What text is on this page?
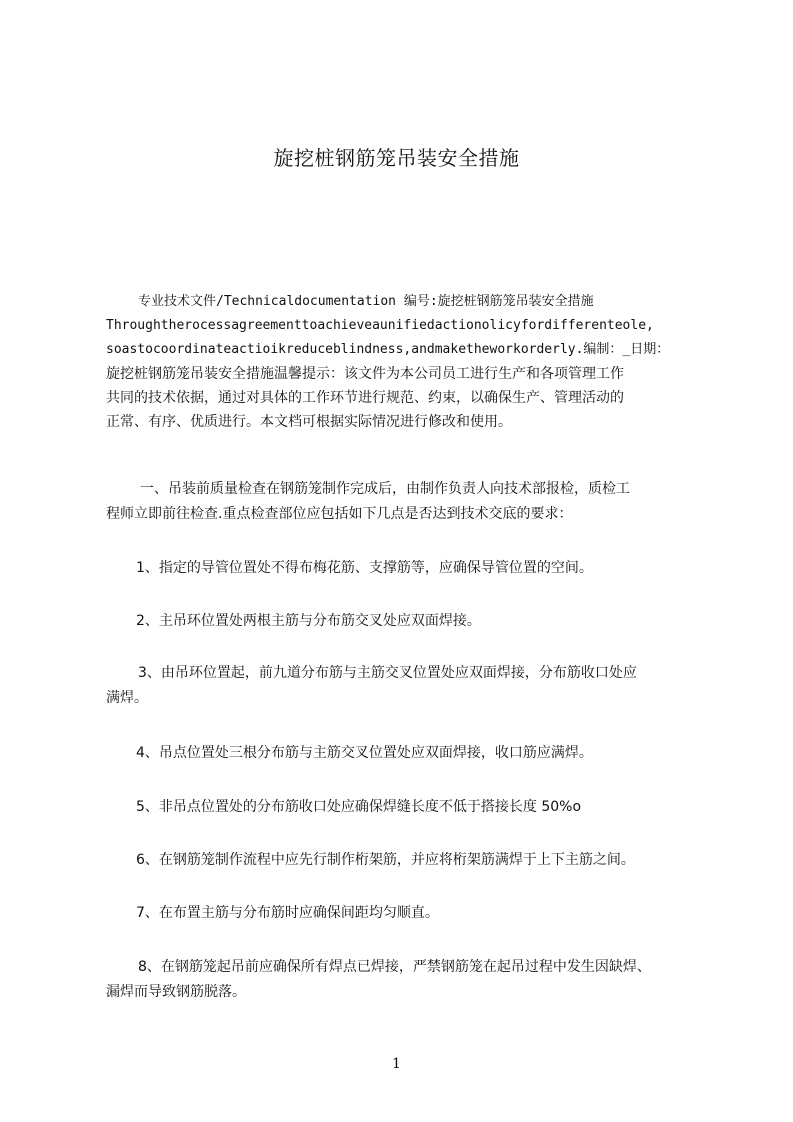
旋挖桩钢筋笼吊装安全措施
专业技术文件/Technicaldocumentation 编号:旋挖桩钢筋笼吊装安全措施
Throughtherocessagreementtoachieveaunifiedactionolicyfordifferenteole,
soastocoordinateactioikreduceblindness,andmaketheworkorderly.编制：_日期：
旋挖桩钢筋笼吊装安全措施温馨提示：该文件为本公司员工进行生产和各项管理工作
共同的技术依据，通过对具体的工作环节进行规范、约束，以确保生产、管理活动的
正常、有序、优质进行。本文档可根据实际情况进行修改和使用。
一、吊装前质量检查在钢筋笼制作完成后，由制作负责人向技术部报检，质检工
程师立即前往检查.重点检查部位应包括如下几点是否达到技术交底的要求：
1、指定的导管位置处不得布梅花筋、支撑筋等，应确保导管位置的空间。
2、主吊环位置处两根主筋与分布筋交叉处应双面焊接。
3、由吊环位置起，前九道分布筋与主筋交叉位置处应双面焊接，分布筋收口处应
满焊。
4、吊点位置处三根分布筋与主筋交叉位置处应双面焊接，收口筋应满焊。
5、非吊点位置处的分布筋收口处应确保焊缝长度不低于搭接长度 50%o
6、在钢筋笼制作流程中应先行制作桁架筋，并应将桁架筋满焊于上下主筋之间。
7、在布置主筋与分布筋时应确保间距均匀顺直。
8、在钢筋笼起吊前应确保所有焊点已焊接，严禁钢筋笼在起吊过程中发生因缺焊、
漏焊而导致钢筋脱落。
1
